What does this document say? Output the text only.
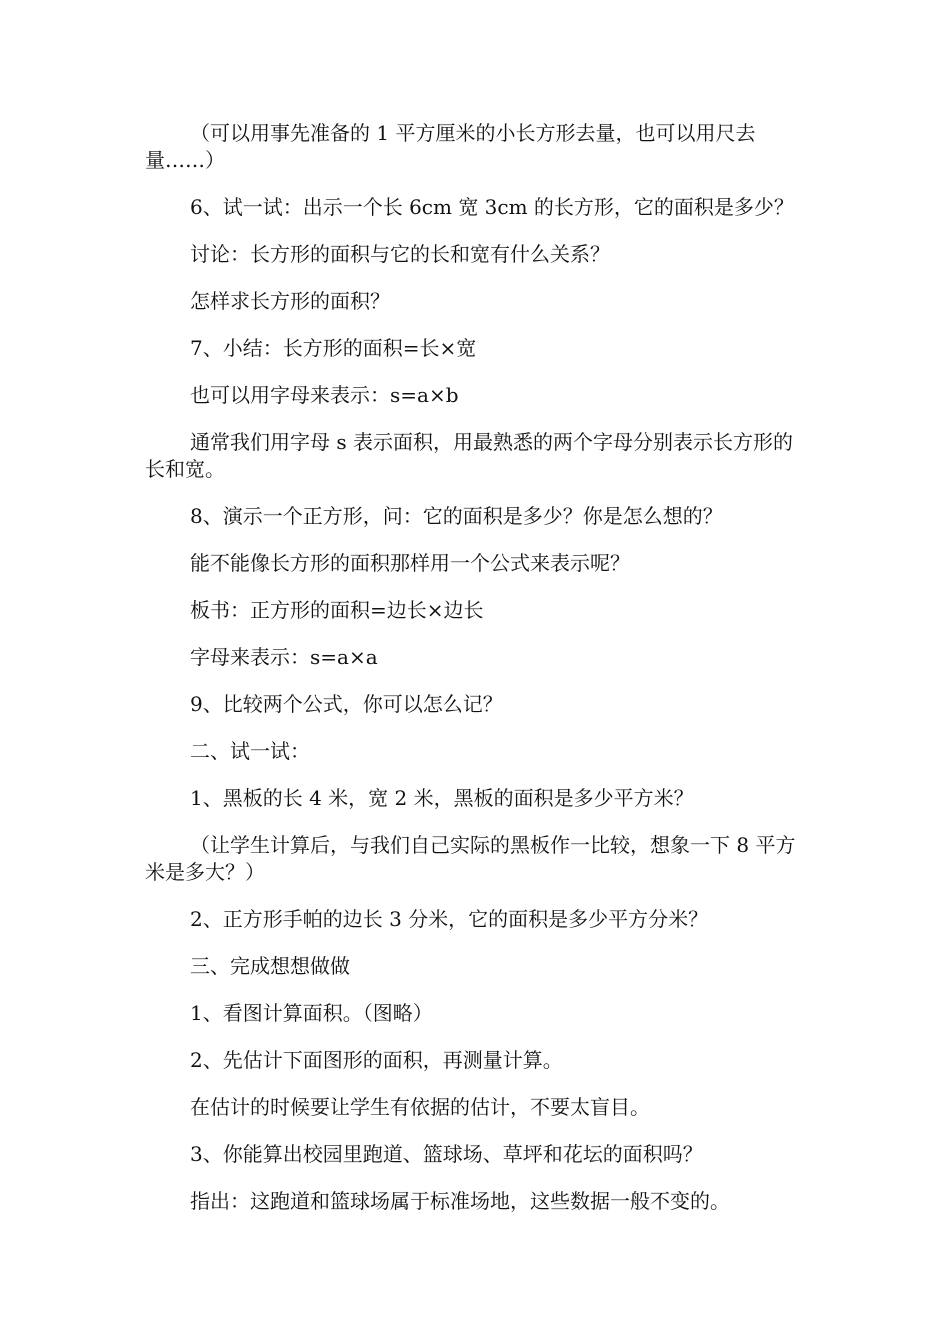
（可以用事先准备的 1 平方厘米的小长方形去量，也可以用尺去量……）

6、试一试：出示一个长 6cm 宽 3cm 的长方形，它的面积是多少？

讨论：长方形的面积与它的长和宽有什么关系？

怎样求长方形的面积？

7、小结：长方形的面积=长×宽

也可以用字母来表示：s=a×b

通常我们用字母 s 表示面积，用最熟悉的两个字母分别表示长方形的长和宽。

8、演示一个正方形，问：它的面积是多少？你是怎么想的？

能不能像长方形的面积那样用一个公式来表示呢？

板书：正方形的面积=边长×边长

字母来表示：s=a×a

9、比较两个公式，你可以怎么记？

二、试一试：

1、黑板的长 4 米，宽 2 米，黑板的面积是多少平方米？

（让学生计算后，与我们自己实际的黑板作一比较，想象一下 8 平方米是多大？）

2、正方形手帕的边长 3 分米，它的面积是多少平方分米？

三、完成想想做做

1、看图计算面积。（图略）

2、先估计下面图形的面积，再测量计算。

在估计的时候要让学生有依据的估计，不要太盲目。

3、你能算出校园里跑道、篮球场、草坪和花坛的面积吗？

指出：这跑道和篮球场属于标准场地，这些数据一般不变的。
